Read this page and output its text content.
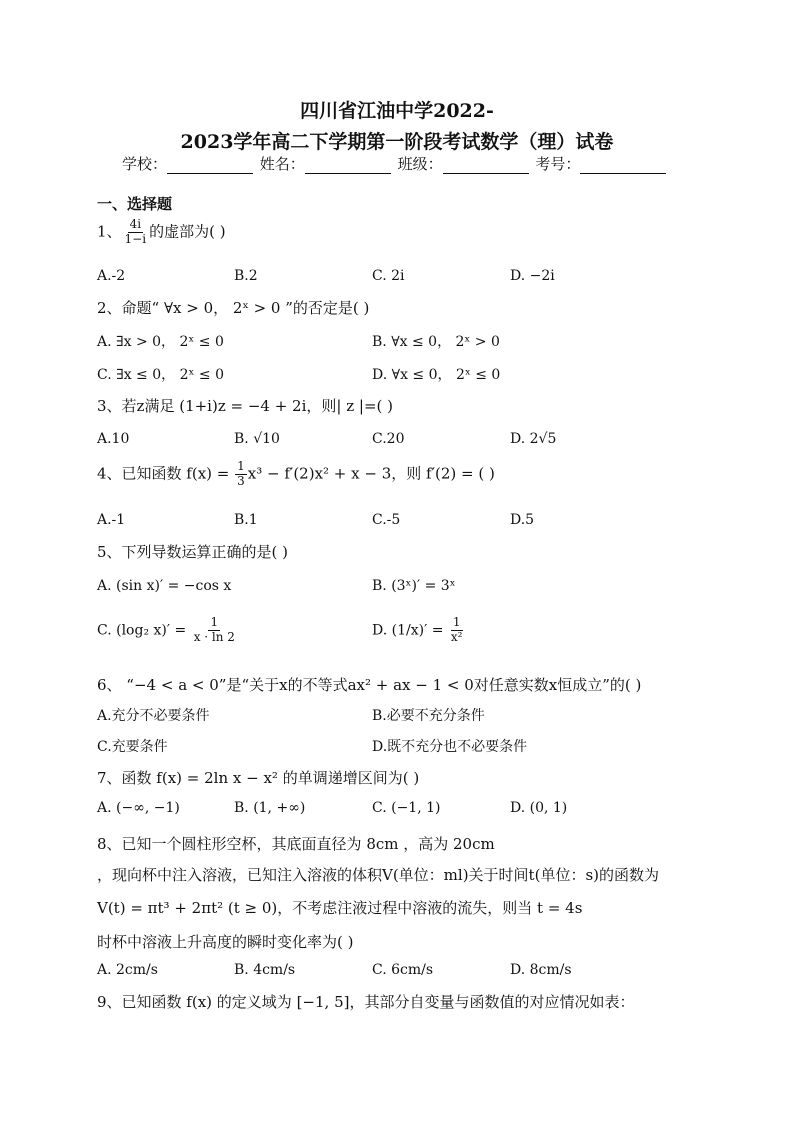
四川省江油中学2022-
2023学年高二下学期第一阶段考试数学（理）试卷
学校：	姓名：	班级：	考号：
一、选择题
1、 $\frac{4i}{1-i}$ 的虚部为( )
A.-2	B.2	C. 2i	D. −2i
2、命题“ ∀x > 0， 2ˣ > 0 ”的否定是( )
A. ∃x > 0， 2ˣ ≤ 0	B. ∀x ≤ 0， 2ˣ > 0
C. ∃x ≤ 0， 2ˣ ≤ 0	D. ∀x ≤ 0， 2ˣ ≤ 0
3、若z满足 (1+i)z = −4 + 2i，则| z |=( )
A.10	B. √10	C.20	D. 2√5
4、已知函数 $f(x) = \frac{1}{3} x^3 - f'(2)x^2 + x - 3$，则 f′(2) = ( )
A.-1	B.1	C.-5	D.5
5、下列导数运算正确的是( )
A. (sin x)′ = −cos x	B. (3ˣ)′ = 3ˣ
C. (log₂ $x)' = \frac{1}{x \cdot \ln 2}$	D. $(1/x)' = \frac{1}{\text{x²}}$
6、 “−4 < a < 0”是“关于x的不等式ax² + ax − 1 < 0对任意实数x恒成立”的( )
A.充分不必要条件	B.必要不充分条件
C.充要条件	D.既不充分也不必要条件
7、函数 f(x) = 2ln x − x² 的单调递增区间为( )
A. (−∞, −1)	B. (1, +∞)	C. (−1, 1)	D. (0, 1)
8、已知一个圆柱形空杯，其底面直径为 8cm ，高为 20cm
，现向杯中注入溶液，已知注入溶液的体积V(单位：ml)关于时间t(单位：s)的函数为
V(t) = πt³ + 2πt² (t ≥ 0)，不考虑注液过程中溶液的流失，则当 t = 4s
时杯中溶液上升高度的瞬时变化率为( )
A. 2cm/s	B. 4cm/s	C. 6cm/s	D. 8cm/s
9、已知函数 f(x) 的定义域为 [−1, 5]，其部分自变量与函数值的对应情况如表：
